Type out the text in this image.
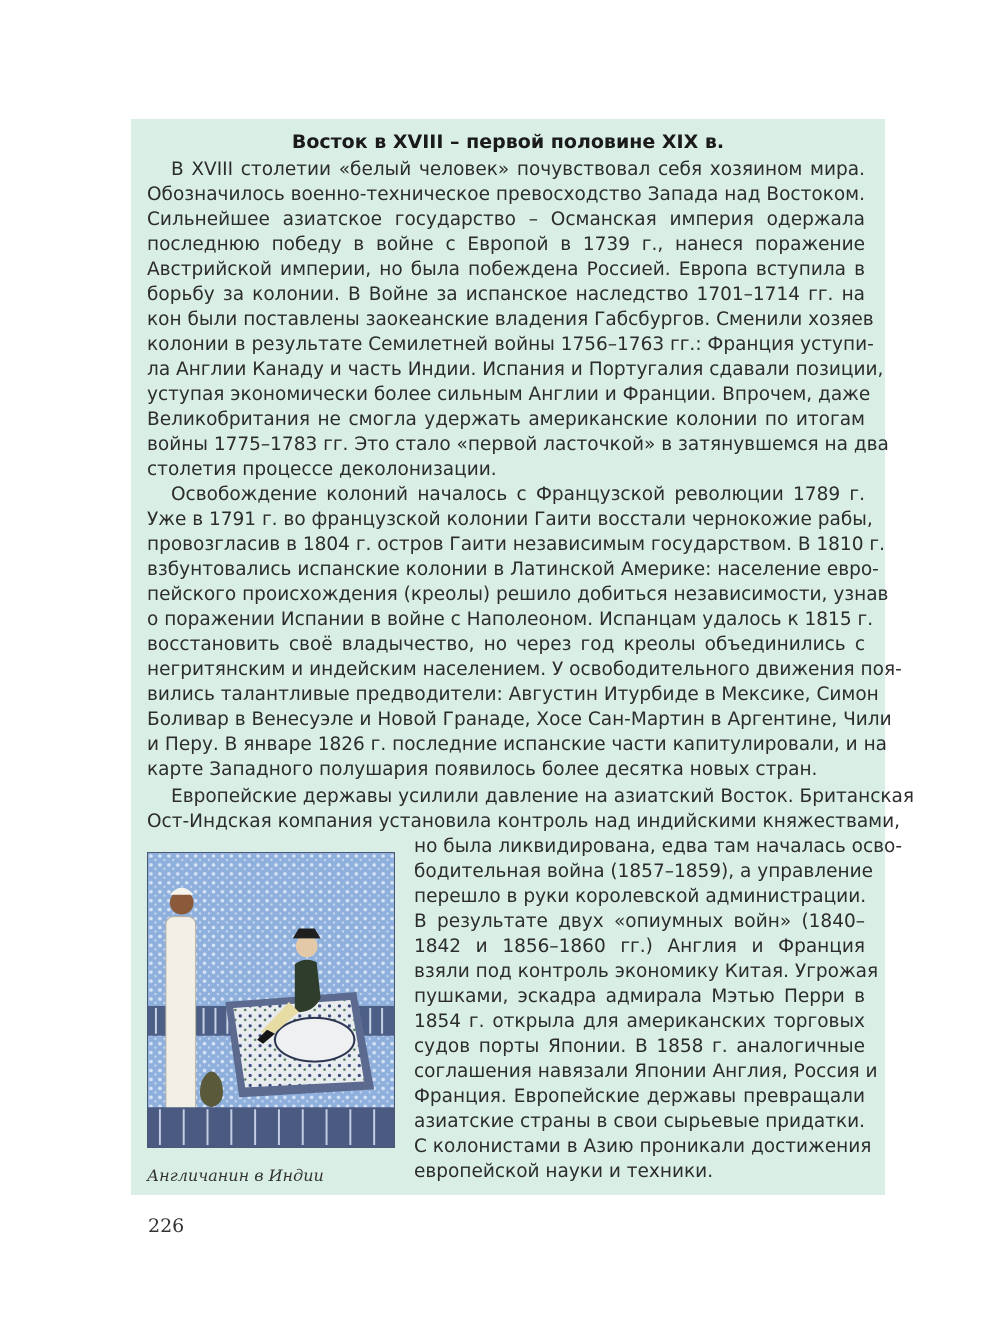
Восток в XVIII – первой половине XIX в.
В XVIII столетии «белый человек» почувствовал себя хозяином мира.
Обозначилось военно-техническое превосходство Запада над Востоком.
Сильнейшее азиатское государство – Османская империя одержала
последнюю победу в войне с Европой в 1739 г., нанеся поражение
Австрийской империи, но была побеждена Россией. Европа вступила в
борьбу за колонии. В Войне за испанское наследство 1701–1714 гг. на
кон были поставлены заокеанские владения Габсбургов. Сменили хозяев
колонии в результате Семилетней войны 1756–1763 гг.: Франция уступи-
ла Англии Канаду и часть Индии. Испания и Португалия сдавали позиции,
уступая экономически более сильным Англии и Франции. Впрочем, даже
Великобритания не смогла удержать американские колонии по итогам
войны 1775–1783 гг. Это стало «первой ласточкой» в затянувшемся на два
столетия процессе деколонизации.
Освобождение колоний началось с Французской революции 1789 г.
Уже в 1791 г. во французской колонии Гаити восстали чернокожие рабы,
провозгласив в 1804 г. остров Гаити независимым государством. В 1810 г.
взбунтовались испанские колонии в Латинской Америке: население евро-
пейского происхождения (креолы) решило добиться независимости, узнав
о поражении Испании в войне с Наполеоном. Испанцам удалось к 1815 г.
восстановить своё владычество, но через год креолы объединились с
негритянским и индейским населением. У освободительного движения поя-
вились талантливые предводители: Августин Итурбиде в Мексике, Симон
Боливар в Венесуэле и Новой Гранаде, Хосе Сан-Мартин в Аргентине, Чили
и Перу. В январе 1826 г. последние испанские части капитулировали, и на
карте Западного полушария появилось более десятка новых стран.
Европейские державы усилили давление на азиатский Восток. Британская
Ост-Индская компания установила контроль над индийскими княжествами,
но была ликвидирована, едва там началась осво-
бодительная война (1857–1859), а управление
перешло в руки королевской администрации.
В результате двух «опиумных войн» (1840–
1842 и 1856–1860 гг.) Англия и Франция
взяли под контроль экономику Китая. Угрожая
пушками, эскадра адмирала Мэтью Перри в
1854 г. открыла для американских торговых
судов порты Японии. В 1858 г. аналогичные
соглашения навязали Японии Англия, Россия и
Франция. Европейские державы превращали
азиатские страны в свои сырьевые придатки.
С колонистами в Азию проникали достижения
европейской науки и техники.
Англичанин в Индии
226
